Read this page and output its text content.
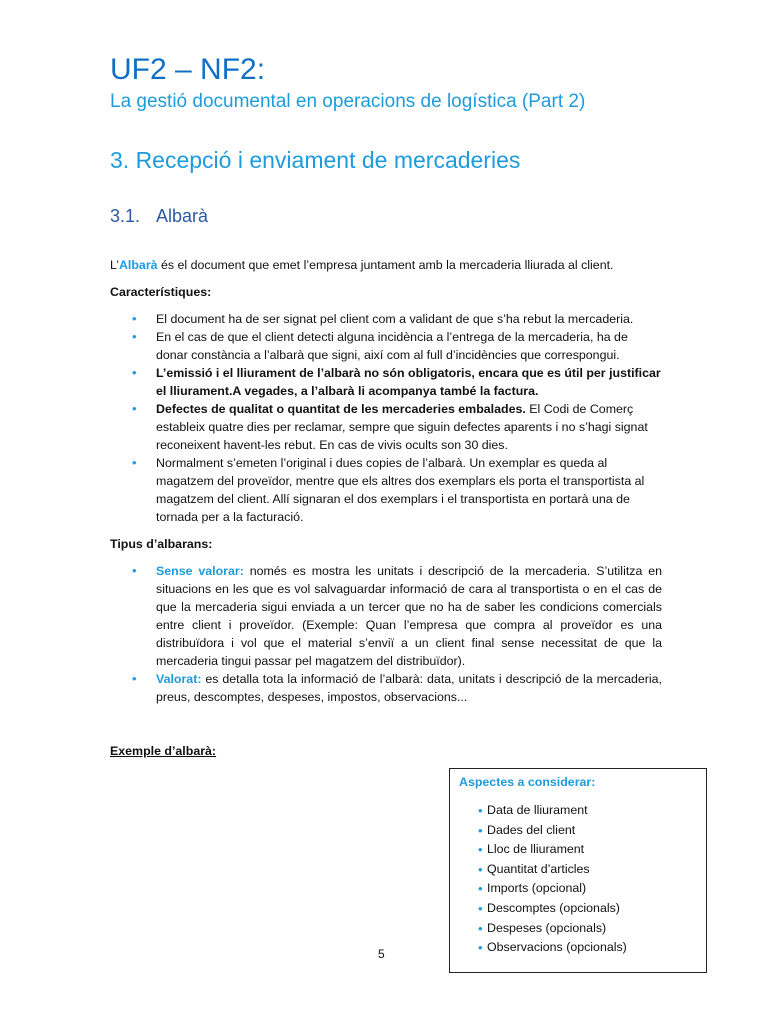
UF2 – NF2:
La gestió documental en operacions de logística (Part 2)
3. Recepció i enviament de mercaderies
3.1. Albarà

L’Albarà és el document que emet l’empresa juntament amb la mercaderia lliurada al client.

Característiques:

• El document ha de ser signat pel client com a validant de que s’ha rebut la mercaderia.
• En el cas de que el client detecti alguna incidència a l’entrega de la mercaderia, ha de donar constància a l’albarà que signi, així com al full d’incidències que correspongui.
• L’emissió i el lliurament de l’albarà no són obligatoris, encara que es útil per justificar el lliurament.A vegades, a l’albarà li acompanya també la factura.
• Defectes de qualitat o quantitat de les mercaderies embalades. El Codi de Comerç estableix quatre dies per reclamar, sempre que siguin defectes aparents i no s’hagi signat reconeixent havent-les rebut. En cas de vivis ocults son 30 dies.
• Normalment s’emeten l’original i dues copies de l’albarà. Un exemplar es queda al magatzem del proveïdor, mentre que els altres dos exemplars els porta el transportista al magatzem del client. Allí signaran el dos exemplars i el transportista en portarà una de tornada per a la facturació.

Tipus d’albarans:

• Sense valorar: només es mostra les unitats i descripció de la mercaderia. S’utilitza en situacions en les que es vol salvaguardar informació de cara al transportista o en el cas de que la mercaderia sigui enviada a un tercer que no ha de saber les condicions comercials entre client i proveïdor. (Exemple: Quan l’empresa que compra al proveïdor es una distribuïdora i vol que el material s’enviï a un client final sense necessitat de que la mercaderia tingui passar pel magatzem del distribuïdor).
• Valorat: es detalla tota la informació de l’albarà: data, unitats i descripció de la mercaderia, preus, descomptes, despeses, impostos, observacions...

Exemple d’albarà:

Aspectes a considerar:

• Data de lliurament
• Dades del client
• Lloc de lliurament
• Quantitat d’articles
• Imports (opcional)
• Descomptes (opcionals)
• Despeses (opcionals)
• Observacions (opcionals)

5
